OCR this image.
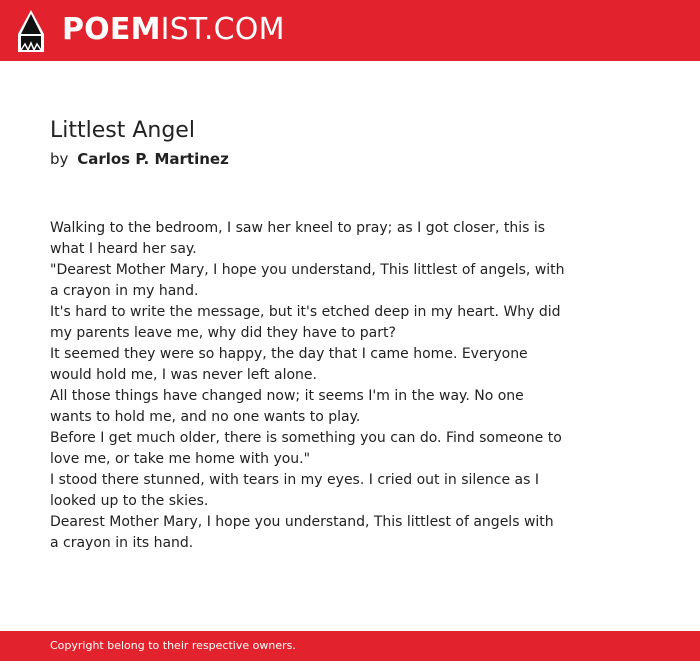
POEMIST.COM
Littlest Angel
by Carlos P. Martinez
Walking to the bedroom, I saw her kneel to pray; as I got closer, this is what I heard her say.
"Dearest Mother Mary, I hope you understand, This littlest of angels, with a crayon in my hand.
It's hard to write the message, but it's etched deep in my heart. Why did my parents leave me, why did they have to part?
It seemed they were so happy, the day that I came home. Everyone would hold me, I was never left alone.
All those things have changed now; it seems I'm in the way. No one wants to hold me, and no one wants to play.
Before I get much older, there is something you can do. Find someone to love me, or take me home with you."
I stood there stunned, with tears in my eyes. I cried out in silence as I looked up to the skies.
Dearest Mother Mary, I hope you understand, This littlest of angels with a crayon in its hand.
Copyright belong to their respective owners.
